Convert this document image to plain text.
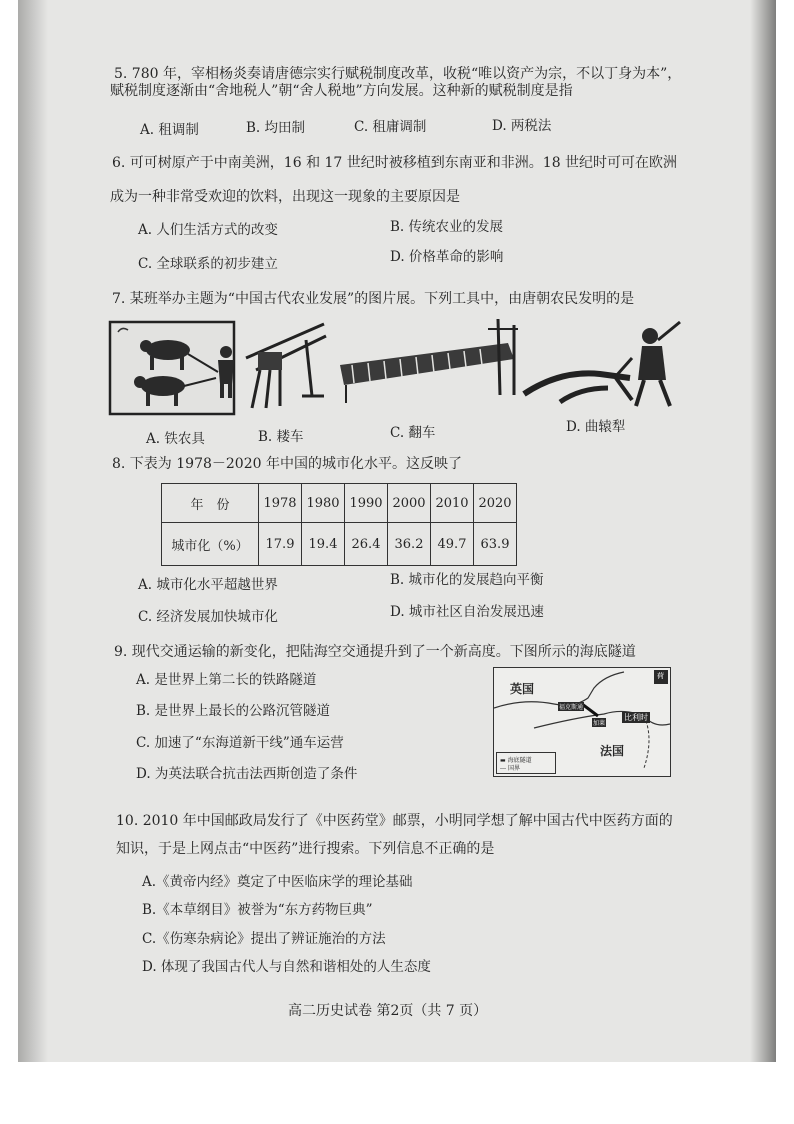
5. 780 年，宰相杨炎奏请唐德宗实行赋税制度改革，收税“唯以资产为宗，不以丁身为本”，
赋税制度逐渐由“舍地税人”朝“舍人税地”方向发展。这种新的赋税制度是指
A. 租调制	B. 均田制	C. 租庸调制	D. 两税法
6. 可可树原产于中南美洲，16 和 17 世纪时被移植到东南亚和非洲。18 世纪时可可在欧洲
成为一种非常受欢迎的饮料，出现这一现象的主要原因是
A. 人们生活方式的改变	B. 传统农业的发展
C. 全球联系的初步建立	D. 价格革命的影响
7. 某班举办主题为“中国古代农业发展”的图片展。下列工具中，由唐朝农民发明的是
A. 铁农具	B. 耧车	C. 翻车	D. 曲辕犁
8. 下表为 1978－2020 年中国的城市化水平。这反映了
年　份	1978	1980	1990	2000	2010	2020
城市化（%）	17.9	19.4	26.4	36.2	49.7	63.9
A. 城市化水平超越世界	B. 城市化的发展趋向平衡
C. 经济发展加快城市化	D. 城市社区自治发展迅速
9. 现代交通运输的新变化，把陆海空交通提升到了一个新高度。下图所示的海底隧道
A. 是世界上第二长的铁路隧道
B. 是世界上最长的公路沉管隧道
C. 加速了“东海道新干线”通车运营
D. 为英法联合抗击法西斯创造了条件
英国
法国
比利时
荷
福克斯通
加莱
▬ 海底隧道
--- 国界
10. 2010 年中国邮政局发行了《中医药堂》邮票，小明同学想了解中国古代中医药方面的
知识，于是上网点击“中医药”进行搜索。下列信息不正确的是
A.《黄帝内经》奠定了中医临床学的理论基础
B.《本草纲目》被誉为“东方药物巨典”
C.《伤寒杂病论》提出了辨证施治的方法
D. 体现了我国古代人与自然和谐相处的人生态度
高二历史试卷 第2页（共 7 页）
